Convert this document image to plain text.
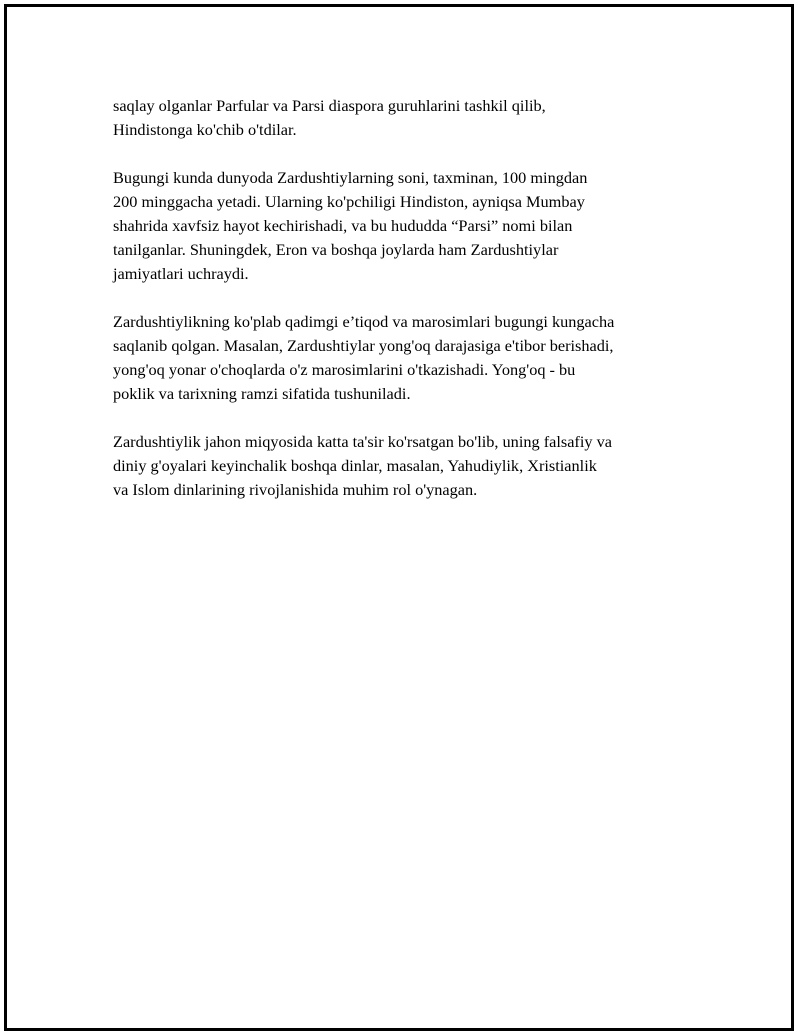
saqlay olganlar Parfular va Parsi diaspora guruhlarini tashkil qilib,
Hindistonga ko'chib o'tdilar.

Bugungi kunda dunyoda Zardushtiylarning soni, taxminan, 100 mingdan
200 minggacha yetadi. Ularning ko'pchiligi Hindiston, ayniqsa Mumbay
shahrida xavfsiz hayot kechirishadi, va bu hududda “Parsi” nomi bilan
tanilganlar. Shuningdek, Eron va boshqa joylarda ham Zardushtiylar
jamiyatlari uchraydi.

Zardushtiylikning ko'plab qadimgi e’tiqod va marosimlari bugungi kungacha
saqlanib qolgan. Masalan, Zardushtiylar yong'oq darajasiga e'tibor berishadi,
yong'oq yonar o'choqlarda o'z marosimlarini o'tkazishadi. Yong'oq - bu
poklik va tarixning ramzi sifatida tushuniladi.

Zardushtiylik jahon miqyosida katta ta'sir ko'rsatgan bo'lib, uning falsafiy va
diniy g'oyalari keyinchalik boshqa dinlar, masalan, Yahudiylik, Xristianlik
va Islom dinlarining rivojlanishida muhim rol o'ynagan.
